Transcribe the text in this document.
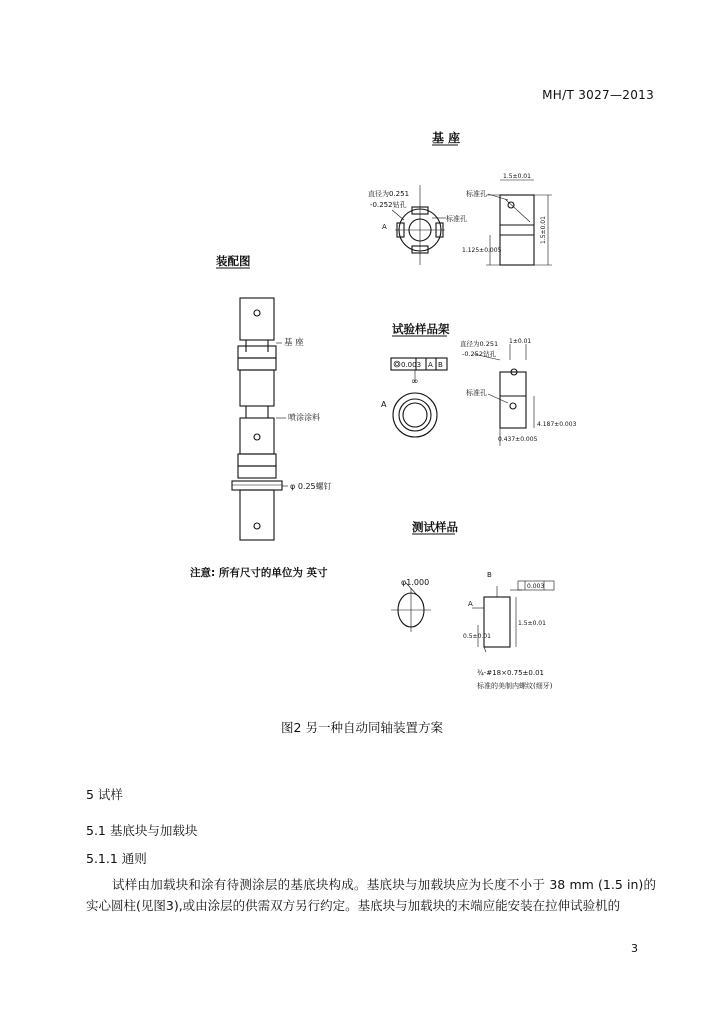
MH/T 3027—2013
基 座
装配图
试验样品架
测试样品
基 座
喷涂涂料
φ 0.25螺钉
直径为0.251
-0.252钻孔
标准孔
A
标准孔
1.5±0.01
1.5±0.01
1.125±0.005
0.003 A B
∞
A
直径为0.251
-0.252钻孔
1±0.01
标准孔
4.187±0.003
0.437±0.005
注意: 所有尺寸的单位为 英寸
φ1.000
B
A
0.003
1.5±0.01
0.5±0.01
¾-#18×0.75±0.01
标准的美制内螺纹(细牙)
图2 另一种自动同轴装置方案
5 试样
5.1 基底块与加载块
5.1.1 通则
试样由加载块和涂有待测涂层的基底块构成。基底块与加载块应为长度不小于 38 mm (1.5 in)的实心圆柱(见图3),或由涂层的供需双方另行约定。基底块与加载块的末端应能安装在拉伸试验机的
3
